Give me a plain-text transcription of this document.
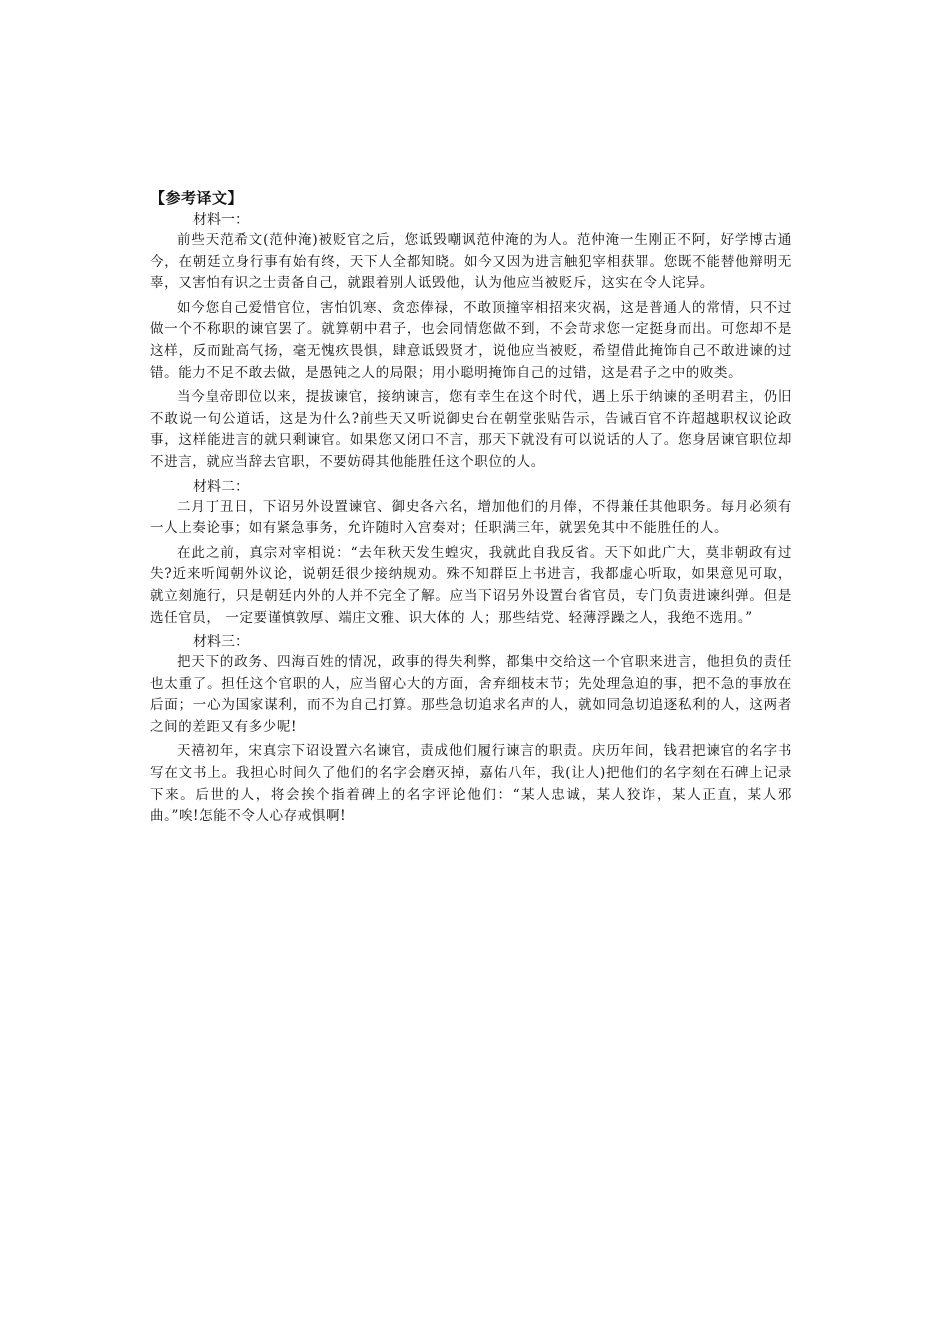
【参考译文】
材料一：

前些天范希文(范仲淹)被贬官之后，您诋毁嘲讽范仲淹的为人。范仲淹一生刚正不阿，好学博古通今，在朝廷立身行事有始有终，天下人全都知晓。如今又因为进言触犯宰相获罪。您既不能替他辩明无辜，又害怕有识之士责备自己，就跟着别人诋毁他，认为他应当被贬斥，这实在令人诧异。

如今您自己爱惜官位，害怕饥寒、贪恋俸禄，不敢顶撞宰相招来灾祸，这是普通人的常情，只不过做一个不称职的谏官罢了。就算朝中君子，也会同情您做不到，不会苛求您一定挺身而出。可您却不是这样，反而趾高气扬，毫无愧疚畏惧，肆意诋毁贤才，说他应当被贬，希望借此掩饰自己不敢进谏的过错。能力不足不敢去做，是愚钝之人的局限；用小聪明掩饰自己的过错，这是君子之中的败类。

当今皇帝即位以来，提拔谏官，接纳谏言，您有幸生在这个时代，遇上乐于纳谏的圣明君主，仍旧不敢说一句公道话，这是为什么?前些天又听说御史台在朝堂张贴告示，告诫百官不许超越职权议论政事，这样能进言的就只剩谏官。如果您又闭口不言，那天下就没有可以说话的人了。您身居谏官职位却不进言，就应当辞去官职，不要妨碍其他能胜任这个职位的人。

材料二：

二月丁丑日，下诏另外设置谏官、御史各六名，增加他们的月俸，不得兼任其他职务。每月必须有一人上奏论事；如有紧急事务，允许随时入宫奏对；任职满三年，就罢免其中不能胜任的人。

在此之前，真宗对宰相说：“去年秋天发生蝗灾，我就此自我反省。天下如此广大，莫非朝政有过失?近来听闻朝外议论，说朝廷很少接纳规劝。殊不知群臣上书进言，我都虚心听取，如果意见可取，就立刻施行，只是朝廷内外的人并不完全了解。应当下诏另外设置台省官员，专门负责进谏纠弹。但是选任官员， 一定要谨慎敦厚、端庄文雅、识大体的 人；那些结党、轻薄浮躁之人，我绝不选用。”

材料三：

把天下的政务、四海百姓的情况，政事的得失利弊，都集中交给这一个官职来进言，他担负的责任也太重了。担任这个官职的人，应当留心大的方面，舍弃细枝末节；先处理急迫的事，把不急的事放在后面；一心为国家谋利，而不为自己打算。那些急切追求名声的人，就如同急切追逐私利的人，这两者之间的差距又有多少呢!

天禧初年，宋真宗下诏设置六名谏官，责成他们履行谏言的职责。庆历年间，钱君把谏官的名字书写在文书上。我担心时间久了他们的名字会磨灭掉，嘉佑八年，我(让人)把他们的名字刻在石碑上记录下来。后世的人，将会挨个指着碑上的名字评论他们：“某人忠诚，某人狡诈，某人正直，某人邪曲。”唉!怎能不令人心存戒惧啊!
